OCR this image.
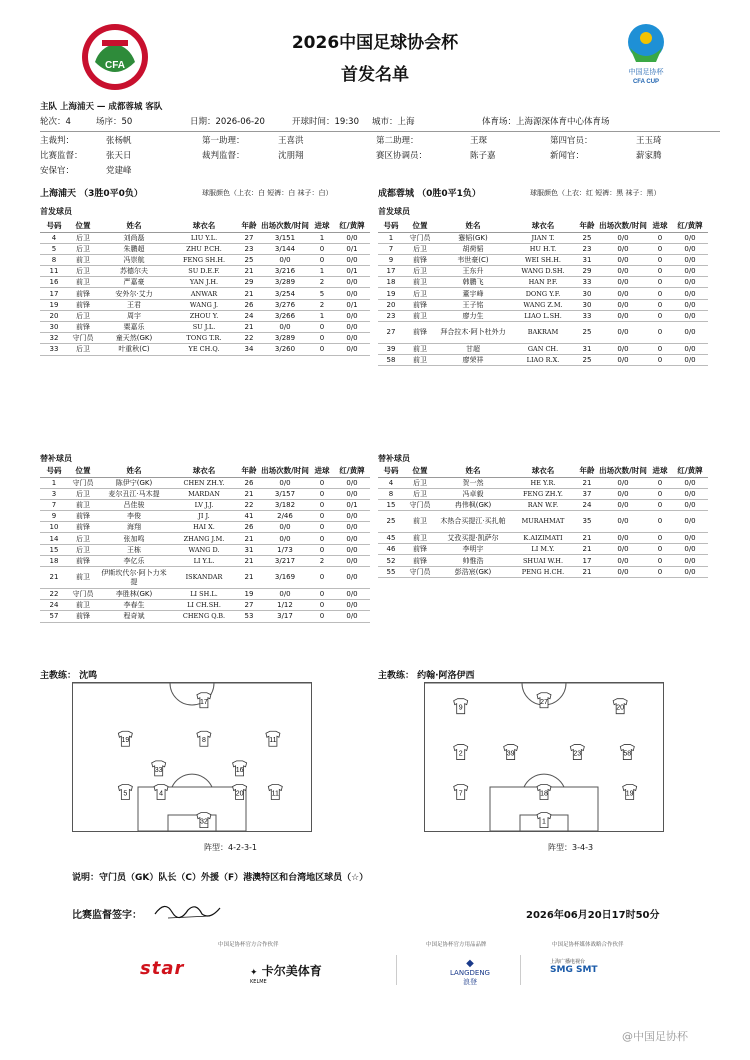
CFA
2026中国足球协会杯
首发名单	中国足协杯
CFA CUP
主队 上海浦天 — 成都蓉城 客队
轮次：4	场序：50	日期：2026-06-20	开球时间：19:30 城市：上海	体育场：上海源深体育中心体育场
主裁判：	张杨帆	第一助理：	王喜洪	第二助理：	王琛	第四官员：	王玉琦
比赛监督：	张天日	裁判监督：	沈朋翔	赛区协调员：	陈子嘉	新闻官：	薪家腾
安保官：	党建峰
上海浦天 （3胜0平0负）	球服颜色（上衣：白 短裤：白 袜子：白）
首发球员
号码	位置	姓名	球衣名	年龄	出场次数/时间	进球	红/黄牌
4	后卫	刘尚磊	LIU Y.L.	27	3/151	1	0/0
5	后卫	朱鹏超	ZHU P.CH.	23	3/144	0	0/1
8	前卫	冯崇航	FENG SH.H.	25	0/0	0	0/0
11	后卫	苏德尔夫	SU D.E.F.	21	3/216	1	0/1
16	前卫	严嘉豪	YAN J.H.	29	3/289	2	0/0
17	前锋	安外尔·艾力	ANWAR	21	3/254	5	0/0
19	前锋	王君	WANG J.	26	3/276	2	0/1
20	后卫	周宇	ZHOU Y.	24	3/266	1	0/0
30	前锋	粟嘉乐	SU J.L.	21	0/0	0	0/0
32	守门员	童天然(GK)	TONG T.R.	22	3/289	0	0/0
33	后卫	叶重秋(C)	YE CH.Q.	34	3/260	0	0/0
替补球员
号码	位置	姓名	球衣名	年龄	出场次数/时间	进球	红/黄牌
1	守门员	陈伊宁(GK)	CHEN ZH.Y.	26	0/0	0	0/0
3	后卫	麦尔丑江·马木提	MARDAN	21	3/157	0	0/0
7	前卫	吕佳骏	LV J.J.	22	3/182	0	0/1
9	前锋	李俊	JI J.	41	2/46	0	0/0
10	前锋	海翔	HAI X.	26	0/0	0	0/0
14	后卫	张加鸣	ZHANG J.M.	21	0/0	0	0/0
15	后卫	王栋	WANG D.	31	1/73	0	0/0
18	前锋	李亿乐	LI Y.L.	21	3/217	2	0/0
21	前卫	伊斯坎代尔·阿卜力米提	ISKANDAR	21	3/169	0	0/0
22	守门员	李胜林(GK)	LI SH.L.	19	0/0	0	0/0
24	前卫	李春生	LI CH.SH.	27	1/12	0	0/0
57	前锋	程奇斌	CHENG Q.B.	53	3/17	0	0/0
成都蓉城 （0胜0平1负）	球服颜色（上衣：红 短裤：黑 袜子：黑）
首发球员
号码	位置	姓名	球衣名	年龄	出场次数/时间	进球	红/黄牌
1	守门员	蹇韬(GK)	JIAN T.	25	0/0	0	0/0
7	后卫	胡荷韬	HU H.T.	23	0/0	0	0/0
9	前锋	韦世豪(C)	WEI SH.H.	31	0/0	0	0/0
17	后卫	王东升	WANG D.SH.	29	0/0	0	0/0
18	前卫	韩鹏飞	HAN P.F.	33	0/0	0	0/0
19	后卫	董宇峰	DONG Y.F.	30	0/0	0	0/0
20	前锋	王子铭	WANG Z.M.	30	0/0	0	0/0
23	前卫	廖力生	LIAO L.SH.	33	0/0	0	0/0
27	前锋	拜合拉木·阿卜杜外力	BAKRAM	25	0/0	0	0/0
39	前卫	甘超	GAN CH.	31	0/0	0	0/0
58	前卫	廖荣祥	LIAO R.X.	25	0/0	0	0/0
替补球员
号码	位置	姓名	球衣名	年龄	出场次数/时间	进球	红/黄牌
4	后卫	贺一然	HE Y.R.	21	0/0	0	0/0
8	后卫	冯卓毅	FENG ZH.Y.	37	0/0	0	0/0
15	守门员	冉伟枫(GK)	RAN W.F.	24	0/0	0	0/0
25	前卫	木热合买提江·买扎帕	MURAHMAT	35	0/0	0	0/0
45	前卫	艾孜买提·凯萨尔	K.AIZIMATI	21	0/0	0	0/0
46	前锋	李明宇	LI M.Y.	21	0/0	0	0/0
52	前锋	帅惟浩	SHUAI W.H.	17	0/0	0	0/0
55	守门员	彭浩宸(GK)	PENG H.CH.	21	0/0	0	0/0
主教练： 沈鸣	主教练： 约翰·阿洛伊西
17
19	8	11
33	16
5	4	20	11
32
阵型：4-2-3-1
27
9	20
2	39	23	58
7	19
18
1
阵型：3-4-3
说明：守门员（GK）队长（C）外援（F）港澳特区和台湾地区球员（☆）
比赛监督签字：	2026年06月20日17时50分
中国足协杯官方合作伙伴	中国足协杯官方用品品牌	中国足协杯媒体战略合作伙伴
star	✦ 卡尔美体育
KELME
◆
LANGDENG
浪登
上海广播电视台
SMG SMT
@中国足协杯
